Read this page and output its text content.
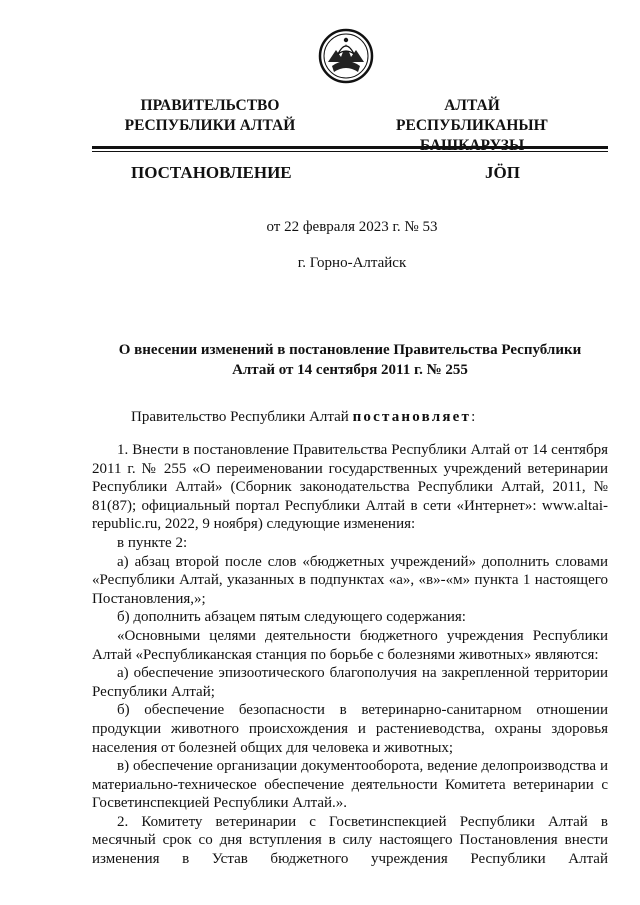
ПРАВИТЕЛЬСТВО
РЕСПУБЛИКИ АЛТАЙ
АЛТАЙ РЕСПУБЛИКАНЫҤ
ПОСТАНОВЛЕНИЕ	JӦП
от 22 февраля 2023 г. № 53
г. Горно-Алтайск
О внесении изменений в постановление Правительства Республики
Алтай от 14 сентября 2011 г. № 255
Правительство Республики Алтай постановляет:

1. Внести в постановление Правительства Республики Алтай от 14 сентября 2011 г. № 255 «О переименовании государственных учреждений ветеринарии Республики Алтай» (Сборник законодательства Республики Алтай, 2011, № 81(87); официальный портал Республики Алтай в сети «Интернет»: www.altai-republic.ru, 2022, 9 ноября) следующие изменения:

в пункте 2:

а) абзац второй после слов «бюджетных учреждений» дополнить словами «Республики Алтай, указанных в подпунктах «а», «в»-«м» пункта 1 настоящего Постановления,»;

б) дополнить абзацем пятым следующего содержания:

«Основными целями деятельности бюджетного учреждения Республики Алтай «Республиканская станция по борьбе с болезнями животных» являются:

а) обеспечение эпизоотического благополучия на закрепленной территории Республики Алтай;

б) обеспечение безопасности в ветеринарно-санитарном отношении продукции животного происхождения и растениеводства, охраны здоровья населения от болезней общих для человека и животных;

в) обеспечение организации документооборота, ведение делопроизводства и материально-техническое обеспечение деятельности Комитета ветеринарии с Госветинспекцией Республики Алтай.».

2. Комитету ветеринарии с Госветинспекцией Республики Алтай в месячный срок со дня вступления в силу настоящего Постановления внести изменения в Устав бюджетного учреждения Республики Алтай
